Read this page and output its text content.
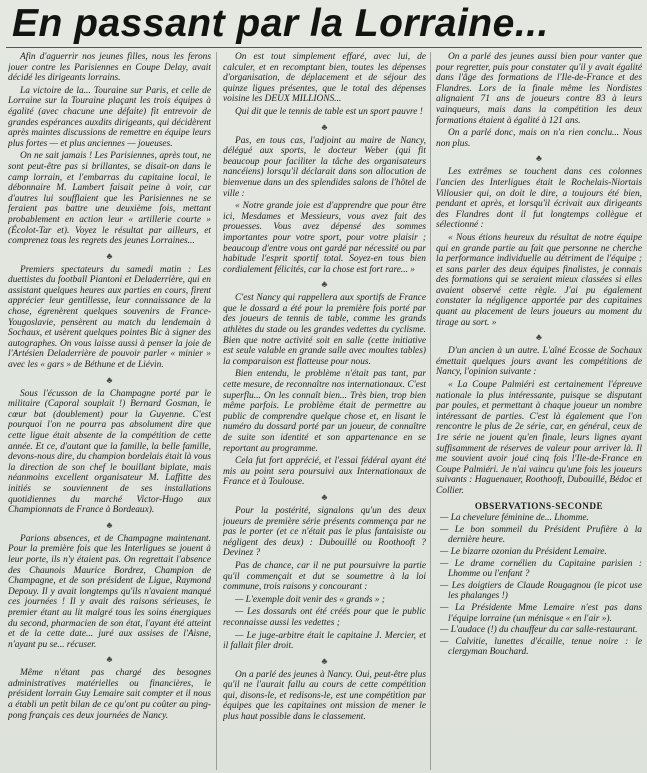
En passant par la Lorraine...

Afin d'aguerrir nos jeunes filles, nous les ferons jouer contre les Parisiennes en Coupe Delay, avait décidé les dirigeants lorrains.

La victoire de la... Touraine sur Paris, et celle de Lorraine sur la Touraine plaçant les trois équipes à égalité (avec chacune une défaite) fit entrevoir de grandes espérances auxdits dirigeants, qui décidèrent après maintes discussions de remettre en équipe leurs plus fortes — et plus anciennes — joueuses.

On ne sait jamais ! Les Parisiennes, après tout, ne sont peut-être pas si brillantes, se disait-on dans le camp lorrain, et l'embarras du capitaine local, le débonnaire M. Lambert faisait peine à voir, car d'autres lui soufflaient que les Parisiennes ne se feraient pas battre une deuxième fois, mettant probablement en action leur « artillerie courte » (Écolot-Tar et). Voyez le résultat par ailleurs, et comprenez tous les regrets des jeunes Lorraines...

♣

Premiers spectateurs du samedi matin : Les duettistes du football Piantoni et Deladerrière, qui en assistant quelques heures aux parties en cours, firent apprécier leur gentillesse, leur connaissance de la chose, égrenèrent quelques souvenirs de France-Yougoslavie, pensèrent au match du lendemain à Sochaux, et usèrent quelques pointes Bic à signer des autographes. On vous laisse aussi à penser la joie de l'Artésien Deladerrière de pouvoir parler « minier » avec les « gars » de Béthune et de Liévin.

♣

Sous l'écusson de la Champagne porté par le militaire (Caporal souplait !) Bernard Gosman, le cœur bat (doublement) pour la Guyenne. C'est pourquoi l'on ne pourra pas absolument dire que cette ligue était absente de la compétition de cette année. Et ce, d'autant que la famille, la belle famille, devons-nous dire, du champion bordelais était là vous la direction de son chef le bouillant biplate, mais néanmoins excellent organisateur M. Laffitte des initiés se souviennent de ses installations quotidiennes du marché Victor-Hugo aux Championnats de France à Bordeaux).

♣

Parions absences, et de Champagne maintenant. Pour la première fois que les Interligues se jouent à leur porte, ils n'y étaient pas. On regrettait l'absence des Chaunois Maurice Bordrez, Champion de Champagne, et de son président de Ligue, Raymond Depouy. Il y avait longtemps qu'ils n'avaient manqué ces journées ! Il y avait des raisons sérieuses, le premier étant au lit malgré tous les soins énergiques du second, pharmacien de son état, l'ayant été atteint et de la cette date... juré aux assises de l'Aisne, n'ayant pu se... récuser.

♣

Même n'étant pas chargé des besognes administratives matérielles ou financières, le président lorrain Guy Lemaire sait compter et il nous a établi un petit bilan de ce qu'ont pu coûter au ping-pong français ces deux journées de Nancy.

On est tout simplement effaré, avec lui, de calculer, et en recomptant bien, toutes les dépenses d'organisation, de déplacement et de séjour des quinze ligues présentes, que le total des dépenses voisine les DEUX MILLIONS...

Qui dit que le tennis de table est un sport pauvre !

♣

Pas, en tous cas, l'adjoint au maire de Nancy, délégué aux sports, le docteur Weber (qui fit beaucoup pour faciliter la tâche des organisateurs nancéiens) lorsqu'il déclarait dans son allocution de bienvenue dans un des splendides salons de l'hôtel de ville :

« Notre grande joie est d'apprendre que pour être ici, Mesdames et Messieurs, vous avez fait des prouesses. Vous avez dépensé des sommes importantes pour votre sport, pour votre plaisir ; beaucoup d'entre vous ont gardé par nécessité ou par habitude l'esprit sportif total. Soyez-en tous bien cordialement félicités, car la chose est fort rare... »

♣

C'est Nancy qui rappellera aux sportifs de France que le dossard a été pour la première fois porté par des joueurs de tennis de table, comme les grands athlètes du stade ou les grandes vedettes du cyclisme. Bien que notre activité soit en salle (cette initiative est seule valable en grande salle avec moultes tables) la comparaison est flatteuse pour nous.

Bien entendu, le problème n'était pas tant, par cette mesure, de reconnaître nos internationaux. C'est superflu... On les connaît bien... Très bien, trop bien même parfois. Le problème était de permettre au public de comprendre quelque chose et, en lisant le numéro du dossard porté par un joueur, de connaître de suite son identité et son appartenance en se reportant au programme.

Cela fut fort apprécié, et l'essai fédéral ayant été mis au point sera poursuivi aux Internationaux de France et à Toulouse.

♣

Pour la postérité, signalons qu'un des deux joueurs de première série présents commença par ne pas le porter (et ce n'était pas le plus fantaisiste ou négligent des deux) : Dubouillé ou Roothooft ? Devinez ?

Pas de chance, car il ne put poursuivre la partie qu'il commençait et dut se soumettre à la loi commune, trois raisons y concourant :

— L'exemple doit venir des « grands » ;

— Les dossards ont été créés pour que le public reconnaisse aussi les vedettes ;

— Le juge-arbitre était le capitaine J. Mercier, et il fallait filer droit.

♣

On a parlé des jeunes à Nancy. Oui, peut-être plus qu'il ne l'aurait fallu au cours de cette compétition qui, disons-le, et redisons-le, est une compétition par équipes que les capitaines ont mission de mener le plus haut possible dans le classement.

On a parlé des jeunes aussi bien pour vanter que pour regretter, puis pour constater qu'il y avait égalité dans l'âge des formations de l'Ile-de-France et des Flandres. Lors de la finale même les Nordistes alignaient 71 ans de joueurs contre 83 à leurs vainqueurs, mais dans la compétition les deux formations étaient à égalité à 121 ans.

On a parlé donc, mais on n'a rien conclu... Nous non plus.

♣

Les extrêmes se touchent dans ces colonnes l'ancien des Interligues était le Rochelais-Niortais Villousier qui, on doit le dire, a toujours été bien, pendant et après, et lorsqu'il écrivait aux dirigeants des Flandres dont il fut longtemps collègue et sélectionné :

« Nous étions heureux du résultat de notre équipe qui en grande partie au fait que personne ne cherche la performance individuelle au détriment de l'équipe ; et sans parler des deux équipes finalistes, je connais des formations qui se seraient mieux classées si elles avaient observé cette règle. J'ai pu également constater la négligence apportée par des capitaines quant au placement de leurs joueurs au moment du tirage au sort. »

♣

D'un ancien à un autre. L'aîné Ecosse de Sochaux émettait quelques jours avant les compétitions de Nancy, l'opinion suivante :

« La Coupe Palmiéri est certainement l'épreuve nationale la plus intéressante, puisque se disputant par poules, et permettant à chaque joueur un nombre intéressant de parties. C'est là également que l'on rencontre le plus de 2e série, car, en général, ceux de 1re série ne jouent qu'en finale, leurs lignes ayant suffisamment de réserves de valeur pour arriver là. Il me souvient avoir joué cinq fois l'Ile-de-France en Coupe Palmiéri. Je n'ai vaincu qu'une fois les joueurs suivants : Haguenauer, Roothooft, Dubouillé, Bédoc et Collier.

OBSERVATIONS-SECONDE
— La chevelure féminine de... Lhomme.
— Le bon sommeil du Président Prufière à la dernière heure.
— Le bizarre ozonian du Président Lemaire.
— Le drame cornélien du Capitaine parisien : Lhomme ou l'enfant ?
— Les doigtiers de Claude Rougagnou (le picot use les phalanges !)
— La Présidente Mme Lemaire n'est pas dans l'équipe lorraine (un ménisque « en l'air »).
— L'audace (!) du chauffeur du car salle-restaurant.
— Calvitie, lunettes d'écaille, tenue noire : le clergyman Bouchard.
